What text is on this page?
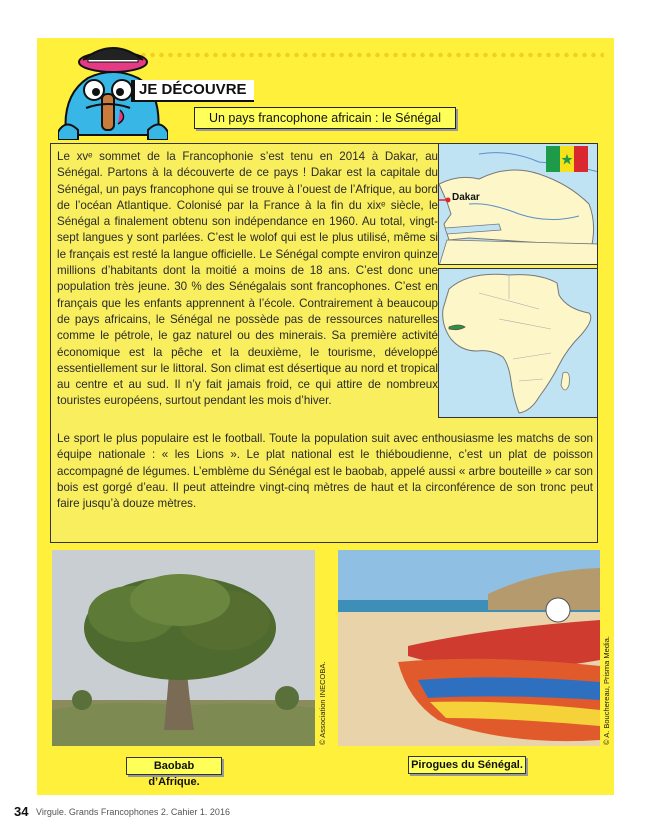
JE DÉCOUVRE
Un pays francophone africain : le Sénégal

Le xvᵉ sommet de la Francophonie s’est tenu en 2014 à Dakar, au Sénégal. Partons à la découverte de ce pays ! Dakar est la capitale du Sénégal, un pays francophone qui se trouve à l’ouest de l’Afrique, au bord de l’océan Atlantique. Colonisé par la France à la fin du xixᵉ siècle, le Sénégal a finalement obtenu son indépendance en 1960. Au total, vingt-sept langues y sont parlées. C’est le wolof qui est le plus utilisé, même si le français est resté la langue officielle. Le Sénégal compte environ quinze millions d’habitants dont la moitié a moins de 18 ans. C’est donc une population très jeune. 30 % des Sénégalais sont francophones. C’est en français que les enfants apprennent à l’école. Contrairement à beaucoup de pays africains, le Sénégal ne possède pas de ressources naturelles comme le pétrole, le gaz naturel ou des minerais. Sa première activité économique est la pêche et la deuxième, le tourisme, développé essentiellement sur le littoral. Son climat est désertique au nord et tropical au centre et au sud. Il n’y fait jamais froid, ce qui attire de nombreux touristes européens, surtout pendant les mois d’hiver.

Le sport le plus populaire est le football. Toute la population suit avec enthousiasme les matchs de son équipe nationale : « les Lions ». Le plat national est le thiéboudienne, c’est un plat de poisson accompagné de légumes. L’emblème du Sénégal est le baobab, appelé aussi « arbre bouteille » car son bois est gorgé d’eau. Il peut atteindre vingt-cinq mètres de haut et la circonférence de son tronc peut faire jusqu’à douze mètres.

Dakar
© Association INECOBA.	© A. Bouchereau, Prisma Media.
Baobab d’Afrique.
Pirogues du Sénégal.
34 Virgule. Grands Francophones 2. Cahier 1. 2016
